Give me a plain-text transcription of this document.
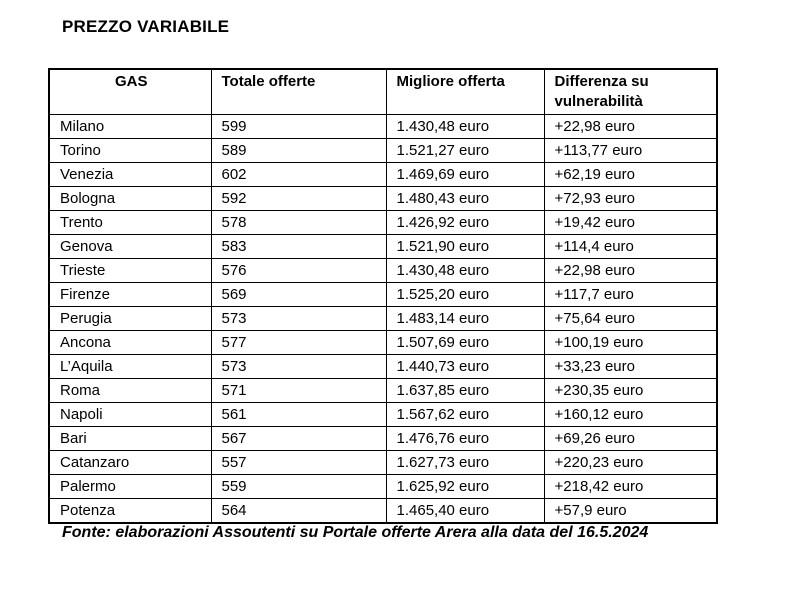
PREZZO VARIABILE
GAS	Totale offerte	Migliore offerta	Differenza su vulnerabilità
Milano	599	1.430,48 euro	+22,98 euro
Torino	589	1.521,27 euro	+113,77 euro
Venezia	602	1.469,69 euro	+62,19 euro
Bologna	592	1.480,43 euro	+72,93 euro
Trento	578	1.426,92 euro	+19,42 euro
Genova	583	1.521,90 euro	+114,4 euro
Trieste	576	1.430,48 euro	+22,98 euro
Firenze	569	1.525,20 euro	+117,7 euro
Perugia	573	1.483,14 euro	+75,64 euro
Ancona	577	1.507,69 euro	+100,19 euro
L’Aquila	573	1.440,73 euro	+33,23 euro
Roma	571	1.637,85 euro	+230,35 euro
Napoli	561	1.567,62 euro	+160,12 euro
Bari	567	1.476,76 euro	+69,26 euro
Catanzaro	557	1.627,73 euro	+220,23 euro
Palermo	559	1.625,92 euro	+218,42 euro
Potenza	564	1.465,40 euro	+57,9 euro

Fonte: elaborazioni Assoutenti su Portale offerte Arera alla data del 16.5.2024
